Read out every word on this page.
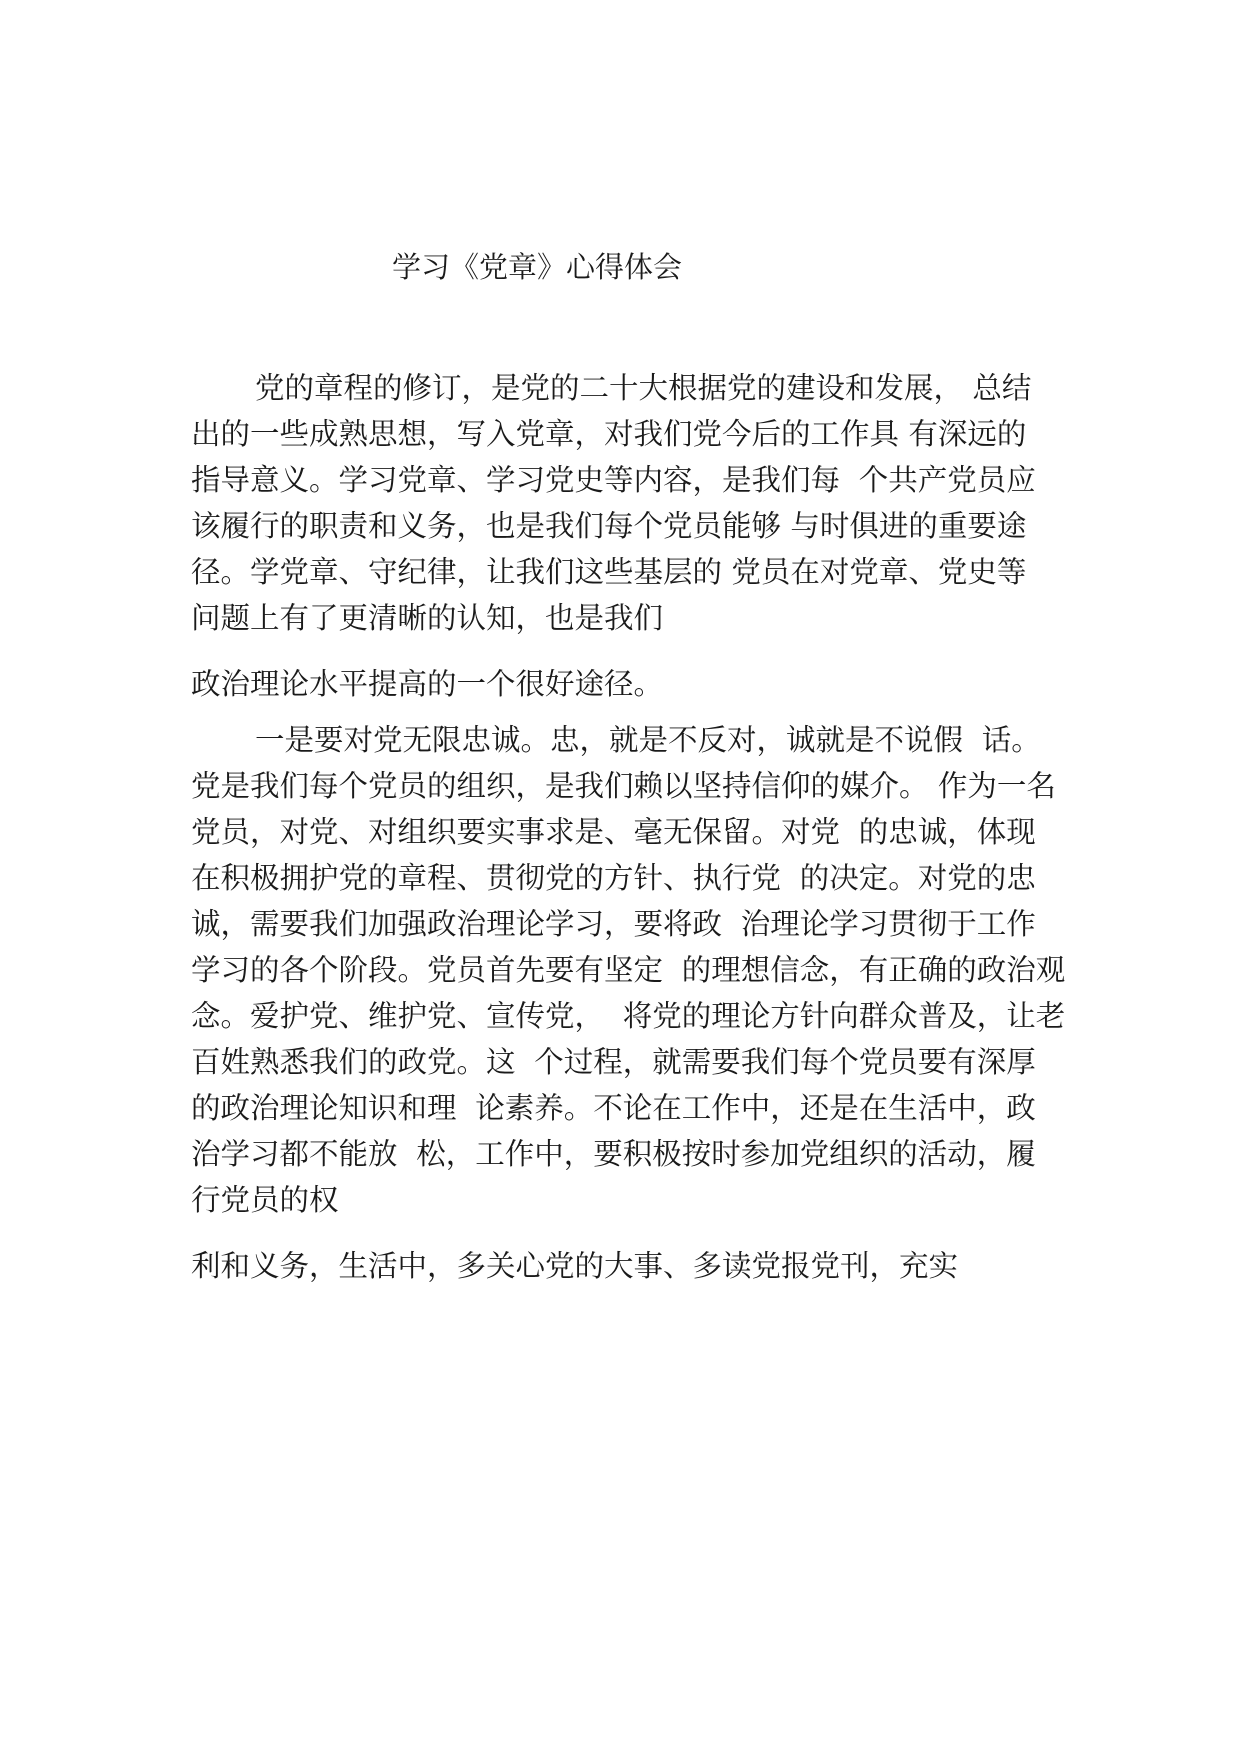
学习《党章》心得体会
党的章程的修订，是党的二十大根据党的建设和发展， 总结
出的一些成熟思想，写入党章，对我们党今后的工作具 有深远的
指导意义。学习党章、学习党史等内容，是我们每  个共产党员应
该履行的职责和义务，也是我们每个党员能够 与时俱进的重要途
径。学党章、守纪律，让我们这些基层的 党员在对党章、党史等
问题上有了更清晰的认知，也是我们
政治理论水平提高的一个很好途径。
一是要对党无限忠诚。忠，就是不反对，诚就是不说假  话。
党是我们每个党员的组织，是我们赖以坚持信仰的媒介。 作为一名
党员，对党、对组织要实事求是、毫无保留。对党  的忠诚，体现
在积极拥护党的章程、贯彻党的方针、执行党  的决定。对党的忠
诚，需要我们加强政治理论学习，要将政  治理论学习贯彻于工作
学习的各个阶段。党员首先要有坚定  的理想信念，有正确的政治观
念。爱护党、维护党、宣传党，  将党的理论方针向群众普及，让老
百姓熟悉我们的政党。这  个过程，就需要我们每个党员要有深厚
的政治理论知识和理  论素养。不论在工作中，还是在生活中，政
治学习都不能放  松，工作中，要积极按时参加党组织的活动，履
行党员的权
利和义务，生活中，多关心党的大事、多读党报党刊，充实
